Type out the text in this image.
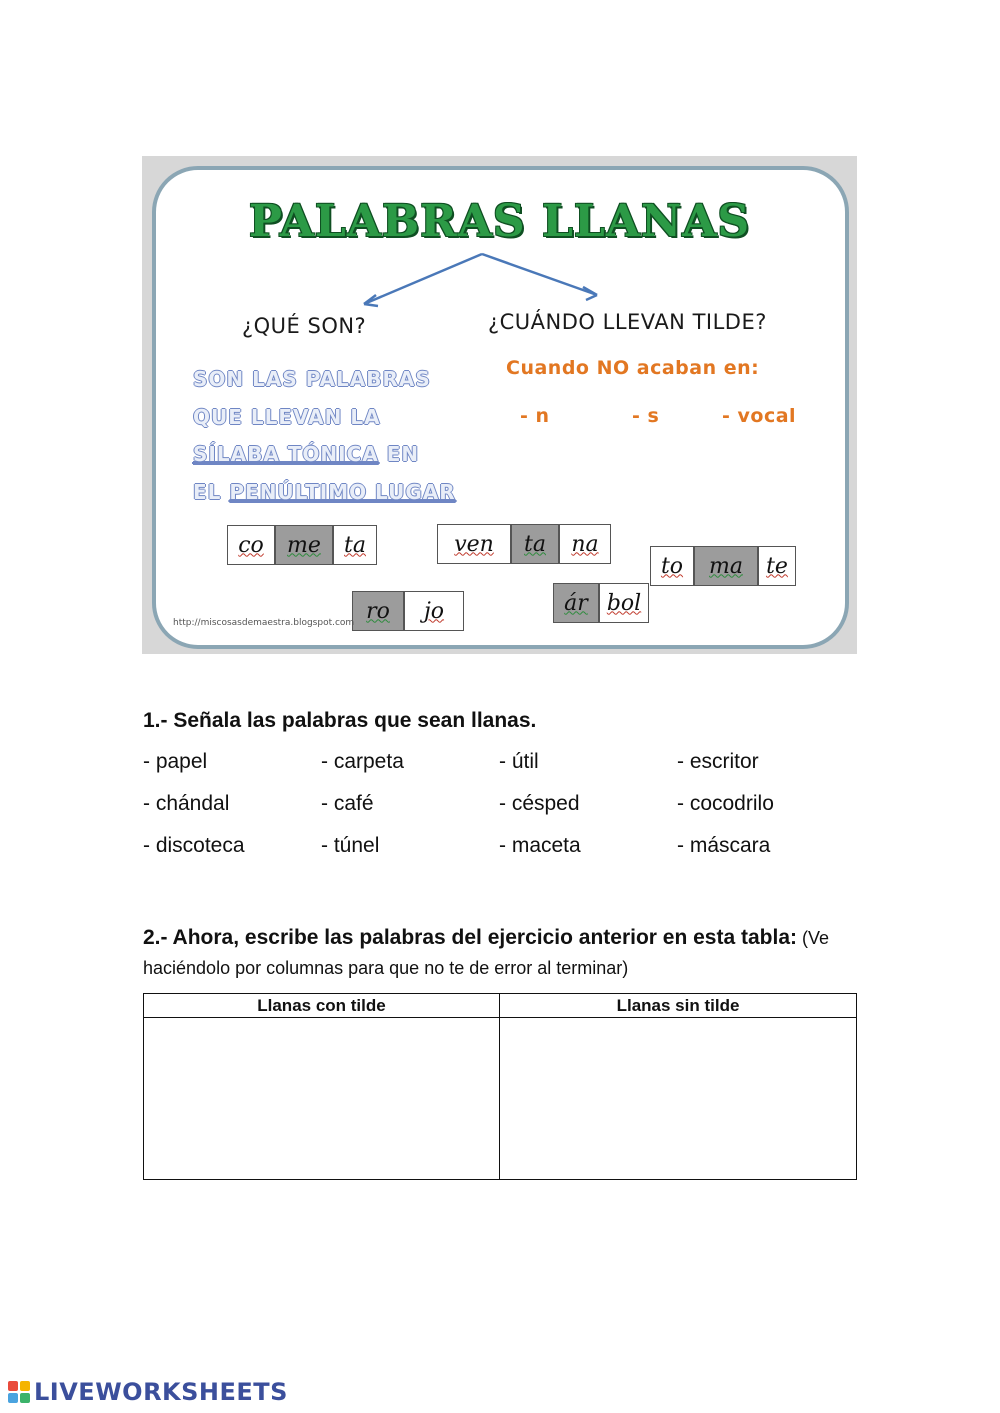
PALABRAS LLANAS
¿QUÉ SON?	¿CUÁNDO LLEVAN TILDE?
SON LAS PALABRAS
QUE LLEVAN LA
SÍLABA TÓNICA EN
EL PENÚLTIMO LUGAR
Cuando NO acaban en:
- n	- s	- vocal
co me ta	ven ta na
to ma te
ro jo	ár bol
http://miscosasdemaestra.blogspot.com
1.- Señala las palabras que sean llanas.
- papel	- carpeta	- útil	- escritor
- chándal	- café	- césped	- cocodrilo
- discoteca	- túnel	- maceta	- máscara
2.- Ahora, escribe las palabras del ejercicio anterior en esta tabla: (Ve haciéndolo por columnas para que no te de error al terminar)
Llanas con tilde	Llanas sin tilde
LIVEWORKSHEETS
